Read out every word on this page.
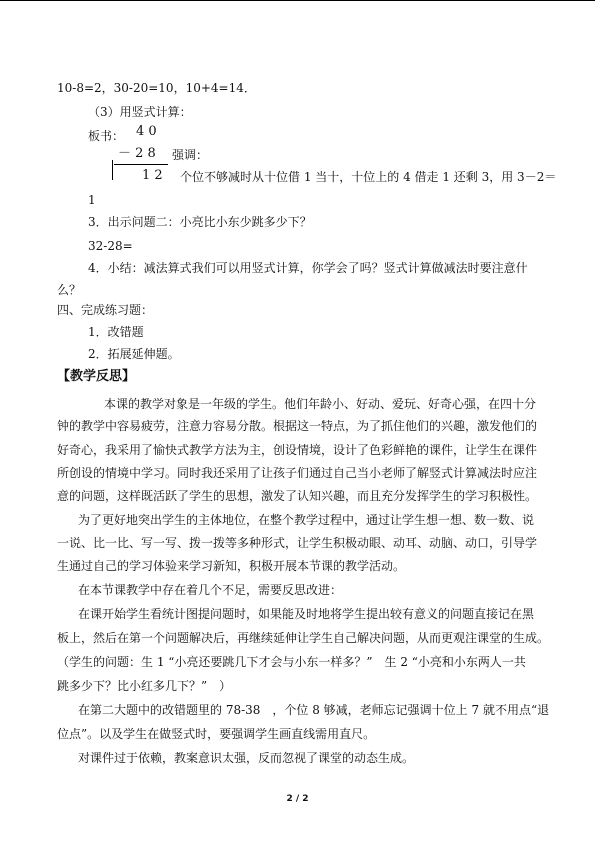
10-8=2，30-20=10，10+4=14．
（3）用竖式计算：
板书： 4 0
－ 2 8 强调：
1 2 个位不够减时从十位借 1 当十，十位上的 4 借走 1 还剩 3，用 3－2＝
1
3．出示问题二：小亮比小东少跳多少下？
32-28=
4．小结：减法算式我们可以用竖式计算，你学会了吗？竖式计算做减法时要注意什
么？
四、完成练习题：
1．改错题
2．拓展延伸题。
【教学反思】
本课的教学对象是一年级的学生。他们年龄小、好动、爱玩、好奇心强，在四十分
钟的教学中容易疲劳，注意力容易分散。根据这一特点，为了抓住他们的兴趣，激发他们的
好奇心，我采用了愉快式教学方法为主，创设情境，设计了色彩鲜艳的课件，让学生在课件
所创设的情境中学习。同时我还采用了让孩子们通过自己当小老师了解竖式计算减法时应注
意的问题，这样既活跃了学生的思想，激发了认知兴趣，而且充分发挥学生的学习积极性。
为了更好地突出学生的主体地位，在整个教学过程中，通过让学生想一想、数一数、说
一说、比一比、写一写、拨一拨等多种形式，让学生积极动眼、动耳、动脑、动口，引导学
生通过自己的学习体验来学习新知，积极开展本节课的教学活动。
在本节课教学中存在着几个不足，需要反思改进：
在课开始学生看统计图提问题时，如果能及时地将学生提出较有意义的问题直接记在黑
板上，然后在第一个问题解决后，再继续延伸让学生自己解决问题，从而更观注课堂的生成。
（学生的问题：生 1 “小亮还要跳几下才会与小东一样多？”　生 2 “小亮和小东两人一共
跳多少下？比小红多几下？”　）
在第二大题中的改错题里的 78-38　，个位 8 够减，老师忘记强调十位上 7 就不用点“退
位点”。以及学生在做竖式时，要强调学生画直线需用直尺。
对课件过于依赖，教案意识太强，反而忽视了课堂的动态生成。
2 / 2
